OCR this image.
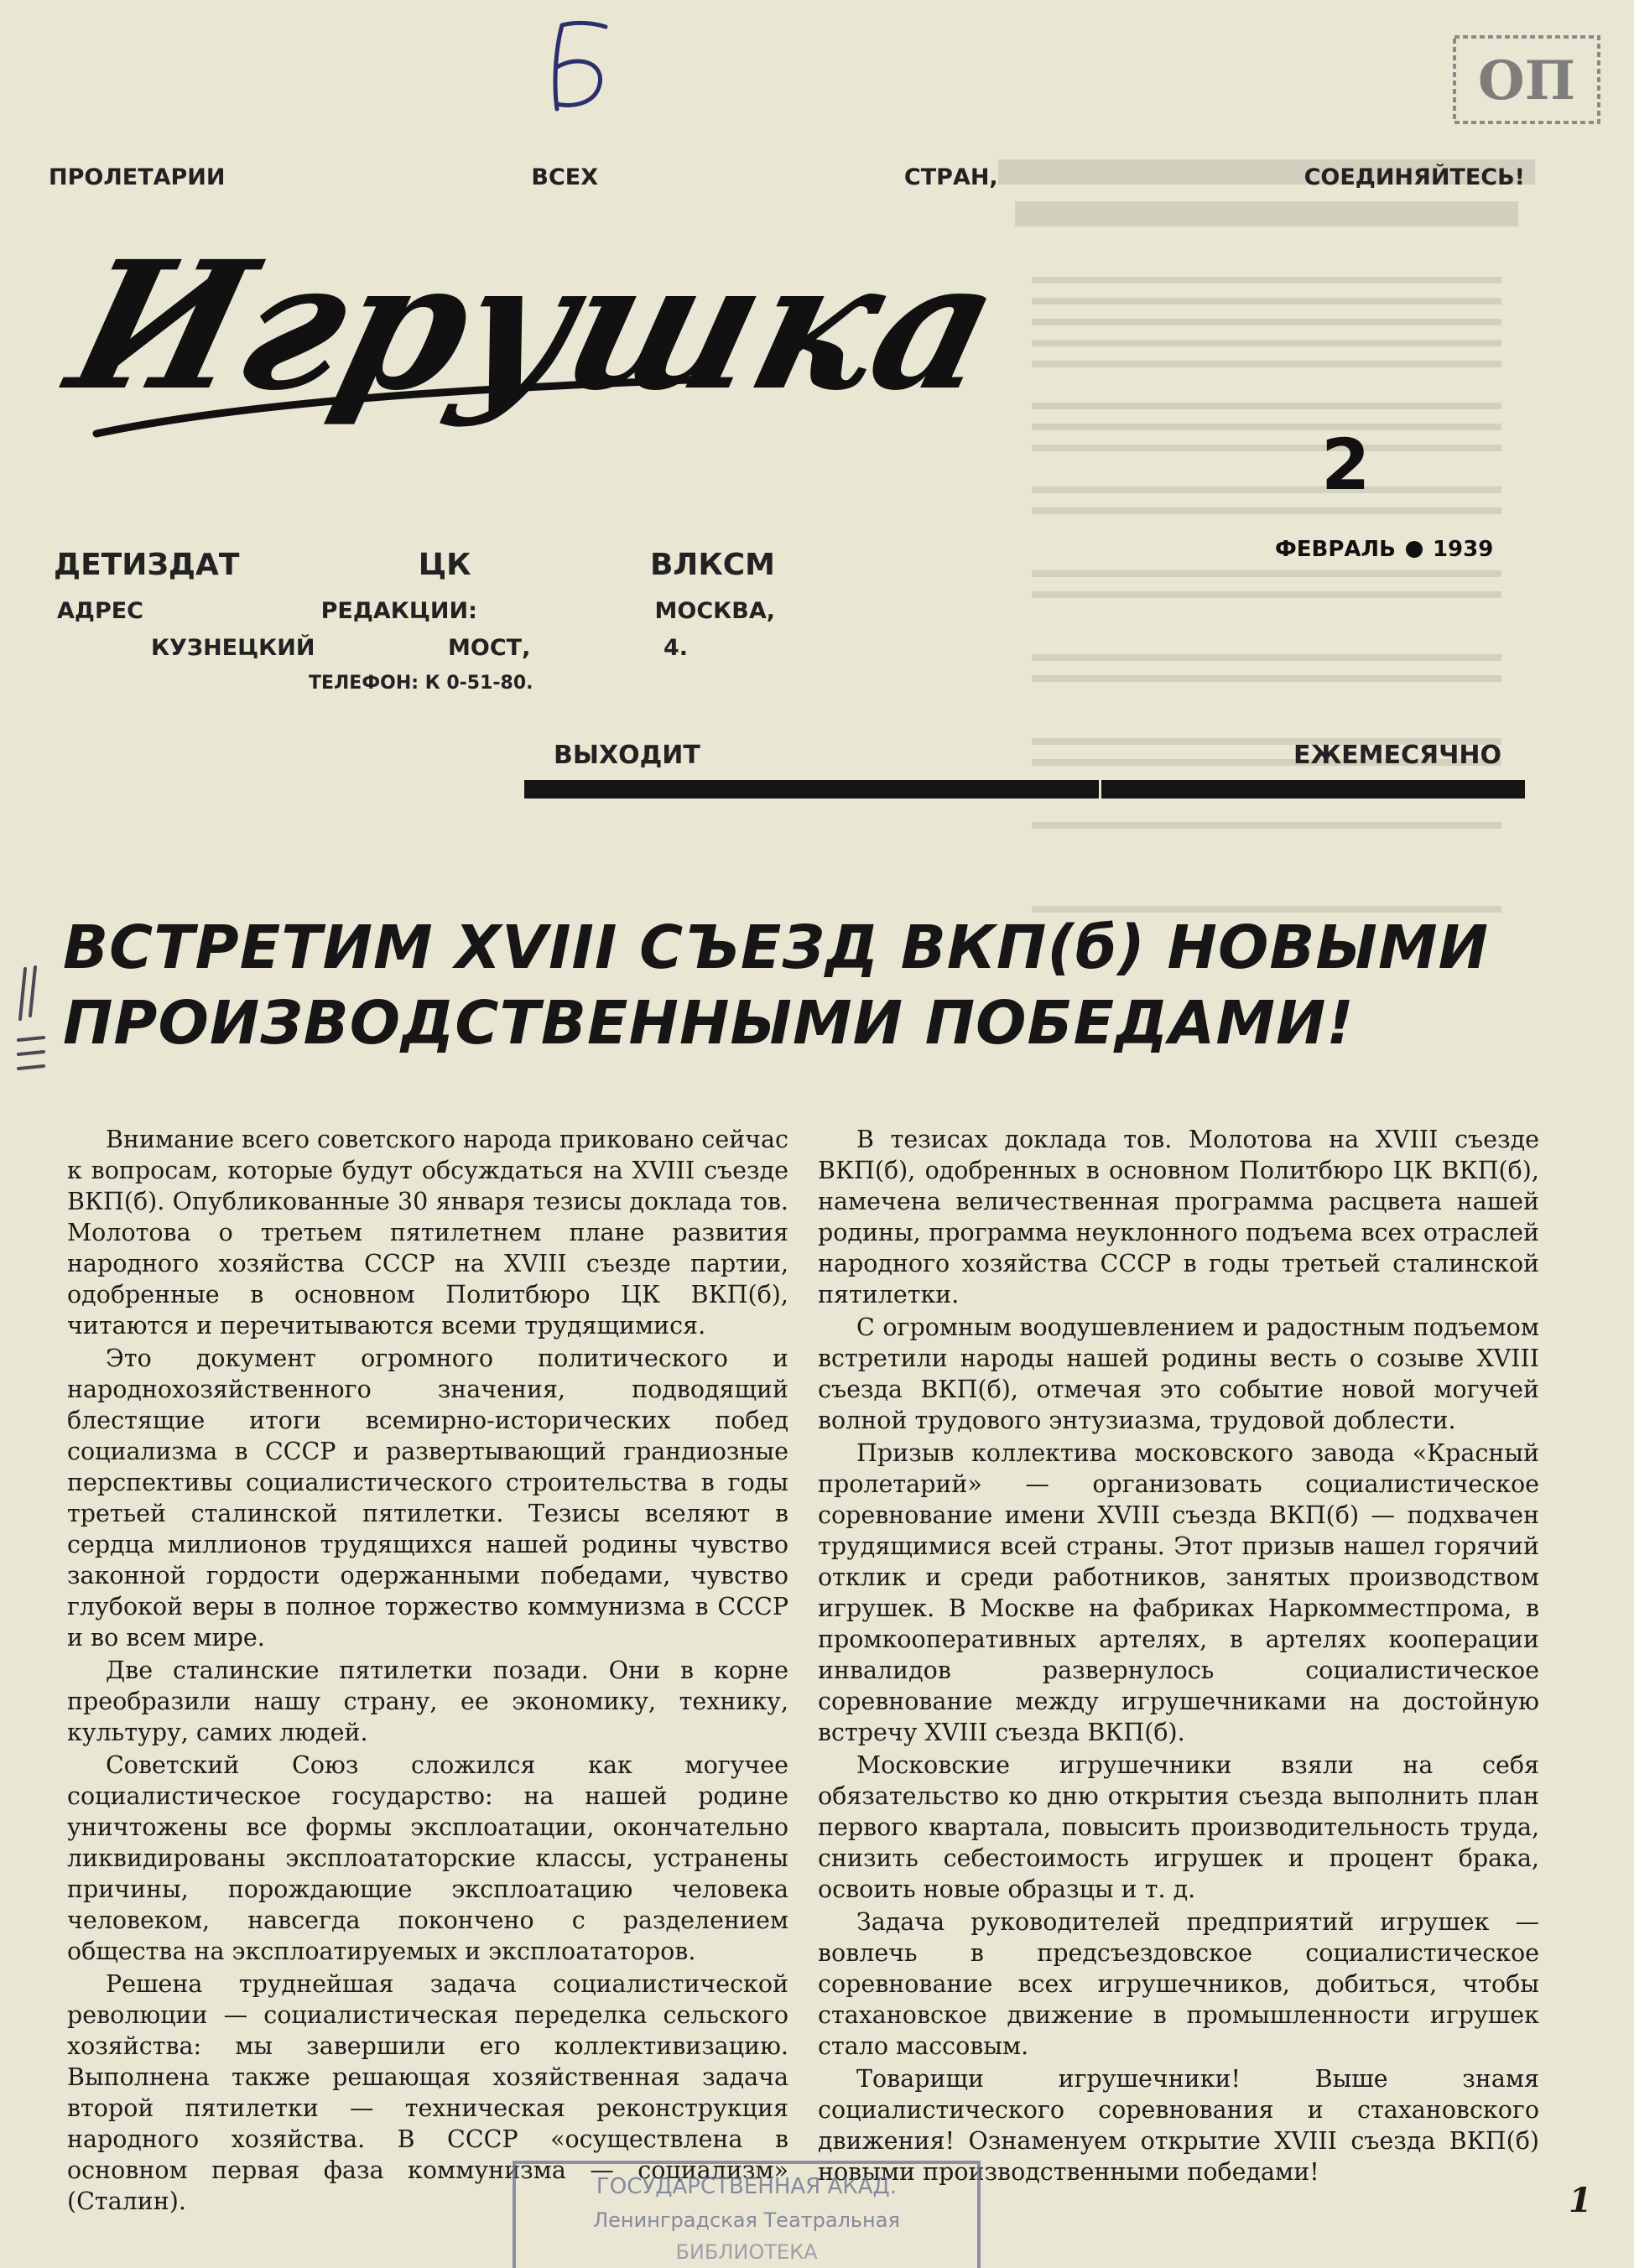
ОП
ПРОЛЕТАРИИ	ВСЕХ	СТРАН,	СОЕДИНЯЙТЕСЬ!
Игрушка
2
ФЕВРАЛЬ 1939
ДЕТИЗДАТ	ЦК	ВЛКСМ
АДРЕС	РЕДАКЦИИ:	МОСКВА,
КУЗНЕЦКИЙ	МОСТ,	4.
ТЕЛЕФОН: К 0-51-80.
ВЫХОДИТ	ЕЖЕМЕСЯЧНО
ВСТРЕТИМ XVIII СЪЕЗД ВКП(б) НОВЫМИ
ПРОИЗВОДСТВЕННЫМИ ПОБЕДАМИ!

Внимание всего советского народа приковано сейчас к вопросам, которые будут обсуждаться на XVIII съезде ВКП(б). Опубликованные 30 января тезисы доклада тов. Молотова о третьем пятилетнем плане развития народного хозяйства СССР на XVIII съезде партии, одобренные в основном Политбюро ЦК ВКП(б), читаются и перечитываются всеми трудящимися.

Это документ огромного политического и народнохозяйственного значения, подводящий блестящие итоги всемирно-исторических побед социализма в СССР и развертывающий грандиозные перспективы социалистического строительства в годы третьей сталинской пятилетки. Тезисы вселяют в сердца миллионов трудящихся нашей родины чувство законной гордости одержанными победами, чувство глубокой веры в полное торжество коммунизма в СССР и во всем мире.

Две сталинские пятилетки позади. Они в корне преобразили нашу страну, ее экономику, технику, культуру, самих людей.

Советский Союз сложился как могучее социалистическое государство: на нашей родине уничтожены все формы эксплоатации, окончательно ликвидированы эксплоататорские классы, устранены причины, порождающие эксплоатацию человека человеком, навсегда покончено с разделением общества на эксплоатируемых и эксплоататоров.

Решена труднейшая задача социалистической революции — социалистическая переделка сельского хозяйства: мы завершили его коллективизацию. Выполнена также решающая хозяйственная задача второй пятилетки — техническая реконструкция народного хозяйства. В СССР «осуществлена в основном первая фаза коммунизма — социализм» (Сталин).

В тезисах доклада тов. Молотова на XVIII съезде ВКП(б), одобренных в основном Политбюро ЦК ВКП(б), намечена величественная программа расцвета нашей родины, программа неуклонного подъема всех отраслей народного хозяйства СССР в годы третьей сталинской пятилетки.

С огромным воодушевлением и радостным подъемом встретили народы нашей родины весть о созыве XVIII съезда ВКП(б), отмечая это событие новой могучей волной трудового энтузиазма, трудовой доблести.

Призыв коллектива московского завода «Красный пролетарий» — организовать социалистическое соревнование имени XVIII съезда ВКП(б) — подхвачен трудящимися всей страны. Этот призыв нашел горячий отклик и среди работников, занятых производством игрушек. В Москве на фабриках Наркомместпрома, в промкооперативных артелях, в артелях кооперации инвалидов развернулось социалистическое соревнование между игрушечниками на достойную встречу XVIII съезда ВКП(б).

Московские игрушечники взяли на себя обязательство ко дню открытия съезда выполнить план первого квартала, повысить производительность труда, снизить себестоимость игрушек и процент брака, освоить новые образцы и т. д.

Задача руководителей предприятий игрушек — вовлечь в предсъездовское социалистическое соревнование всех игрушечников, добиться, чтобы стахановское движение в промышленности игрушек стало массовым.

Товарищи игрушечники! Выше знамя социалистического соревнования и стахановского движения! Ознаменуем открытие XVIII съезда ВКП(б) новыми производственными победами!

ГОСУДАРСТВЕННАЯ АКАД.
Ленинградская Театральная
БИБЛИОТЕКА
1
